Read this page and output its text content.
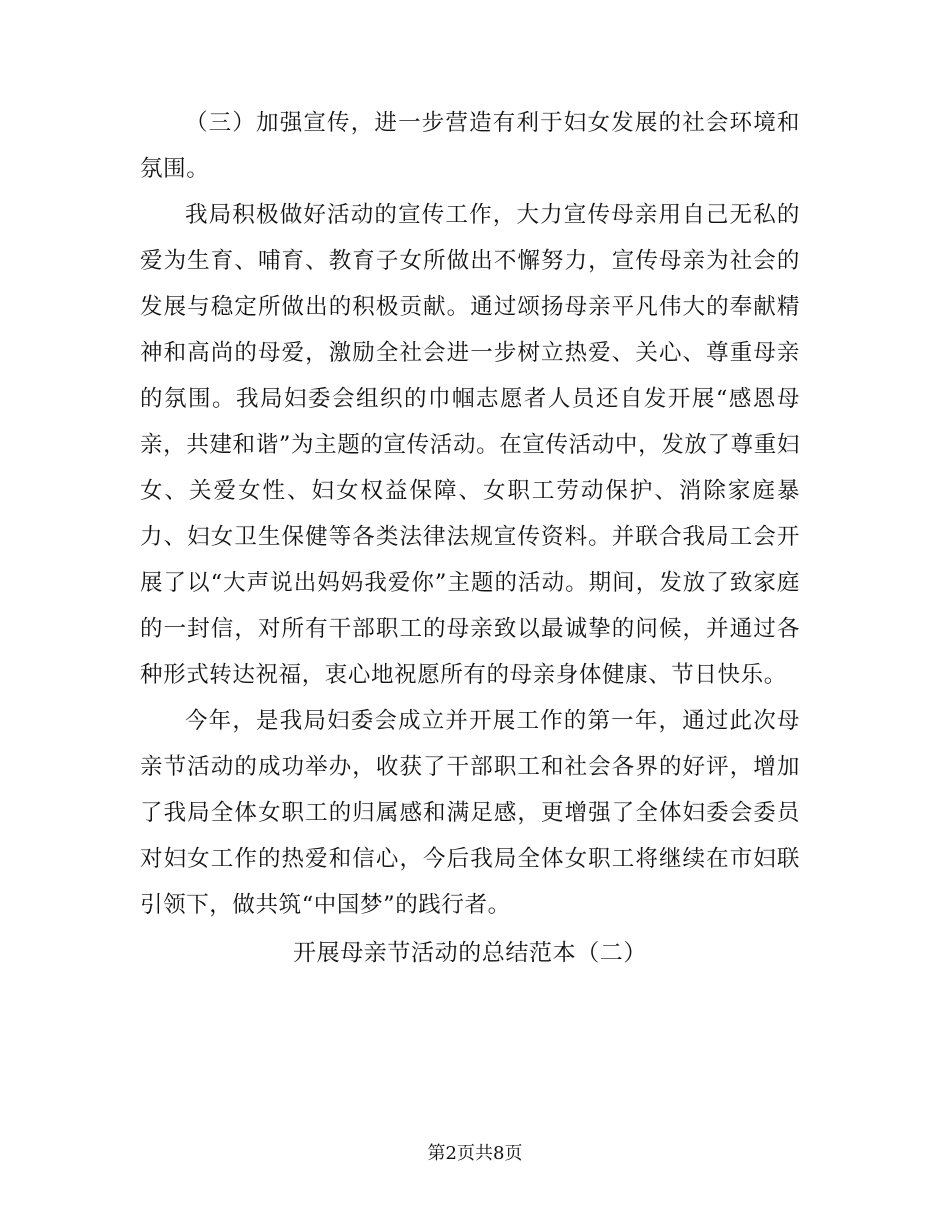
（三）加强宣传，进一步营造有利于妇女发展的社会环境和氛围。

我局积极做好活动的宣传工作，大力宣传母亲用自己无私的爱为生育、哺育、教育子女所做出不懈努力，宣传母亲为社会的发展与稳定所做出的积极贡献。通过颂扬母亲平凡伟大的奉献精神和高尚的母爱，激励全社会进一步树立热爱、关心、尊重母亲的氛围。我局妇委会组织的巾帼志愿者人员还自发开展“感恩母亲，共建和谐”为主题的宣传活动。在宣传活动中，发放了尊重妇女、关爱女性、妇女权益保障、女职工劳动保护、消除家庭暴力、妇女卫生保健等各类法律法规宣传资料。并联合我局工会开展了以“大声说出妈妈我爱你”主题的活动。期间，发放了致家庭的一封信，对所有干部职工的母亲致以最诚挚的问候，并通过各种形式转达祝福，衷心地祝愿所有的母亲身体健康、节日快乐。

今年，是我局妇委会成立并开展工作的第一年，通过此次母亲节活动的成功举办，收获了干部职工和社会各界的好评，增加了我局全体女职工的归属感和满足感，更增强了全体妇委会委员对妇女工作的热爱和信心，今后我局全体女职工将继续在市妇联引领下，做共筑“中国梦”的践行者。

开展母亲节活动的总结范本（二）

第2页共8页
